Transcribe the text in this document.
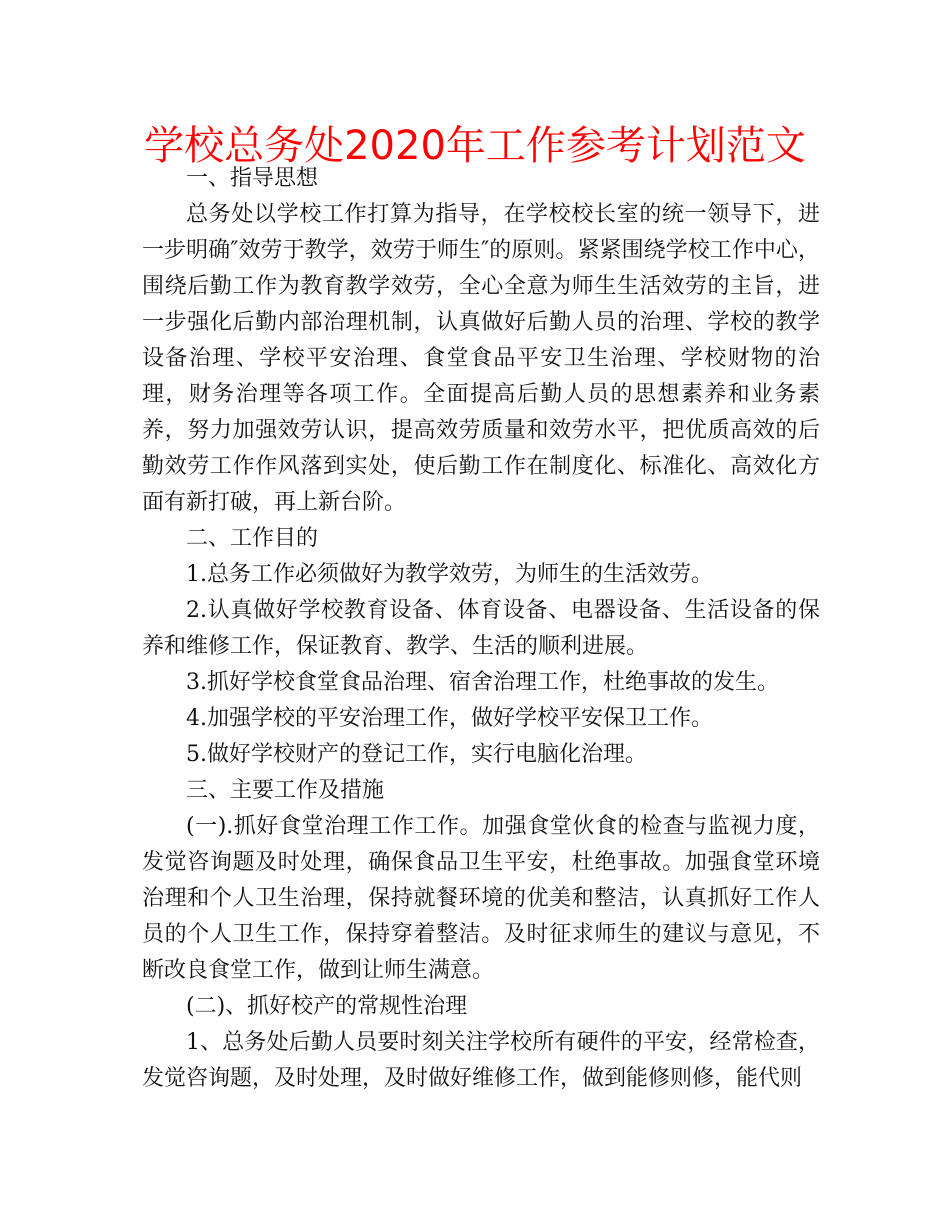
学校总务处2020年工作参考计划范文

一、指导思想

总务处以学校工作打算为指导，在学校校长室的统一领导下，进一步明确″效劳于教学，效劳于师生″的原则。紧紧围绕学校工作中心，围绕后勤工作为教育教学效劳，全心全意为师生生活效劳的主旨，进一步强化后勤内部治理机制，认真做好后勤人员的治理、学校的教学设备治理、学校平安治理、食堂食品平安卫生治理、学校财物的治理，财务治理等各项工作。全面提高后勤人员的思想素养和业务素养，努力加强效劳认识，提高效劳质量和效劳水平，把优质高效的后勤效劳工作作风落到实处，使后勤工作在制度化、标准化、高效化方面有新打破，再上新台阶。

二、工作目的

1.总务工作必须做好为教学效劳，为师生的生活效劳。

2.认真做好学校教育设备、体育设备、电器设备、生活设备的保养和维修工作，保证教育、教学、生活的顺利进展。

3.抓好学校食堂食品治理、宿舍治理工作，杜绝事故的发生。

4.加强学校的平安治理工作，做好学校平安保卫工作。

5.做好学校财产的登记工作，实行电脑化治理。

三、主要工作及措施

(一).抓好食堂治理工作工作。加强食堂伙食的检查与监视力度，发觉咨询题及时处理，确保食品卫生平安，杜绝事故。加强食堂环境治理和个人卫生治理，保持就餐环境的优美和整洁，认真抓好工作人员的个人卫生工作，保持穿着整洁。及时征求师生的建议与意见，不断改良食堂工作，做到让师生满意。

(二)、抓好校产的常规性治理

1、总务处后勤人员要时刻关注学校所有硬件的平安，经常检查，发觉咨询题，及时处理，及时做好维修工作，做到能修则修，能代则
